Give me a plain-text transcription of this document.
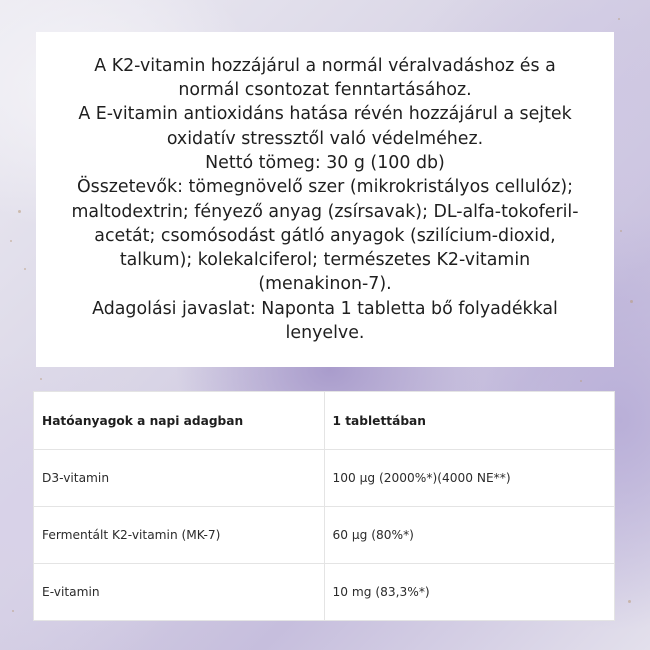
A K2-vitamin hozzájárul a normál véralvadáshoz és a
normál csontozat fenntartásához.
A E-vitamin antioxidáns hatása révén hozzájárul a sejtek
oxidatív stressztől való védelméhez.
Nettó tömeg: 30 g (100 db)
Összetevők: tömegnövelő szer (mikrokristályos cellulóz);
maltodextrin; fényező anyag (zsírsavak); DL-alfa-tokoferil-
acetát; csomósodást gátló anyagok (szilícium-dioxid,
talkum); kolekalciferol; természetes K2-vitamin
(menakinon-7).
Adagolási javaslat: Naponta 1 tabletta bő folyadékkal
lenyelve.

Hatóanyagok a napi adagban	1 tablettában
D3-vitamin	100 µg (2000%*)(4000 NE**)
Fermentált K2-vitamin (MK-7)	60 µg (80%*)
E-vitamin	10 mg (83,3%*)
